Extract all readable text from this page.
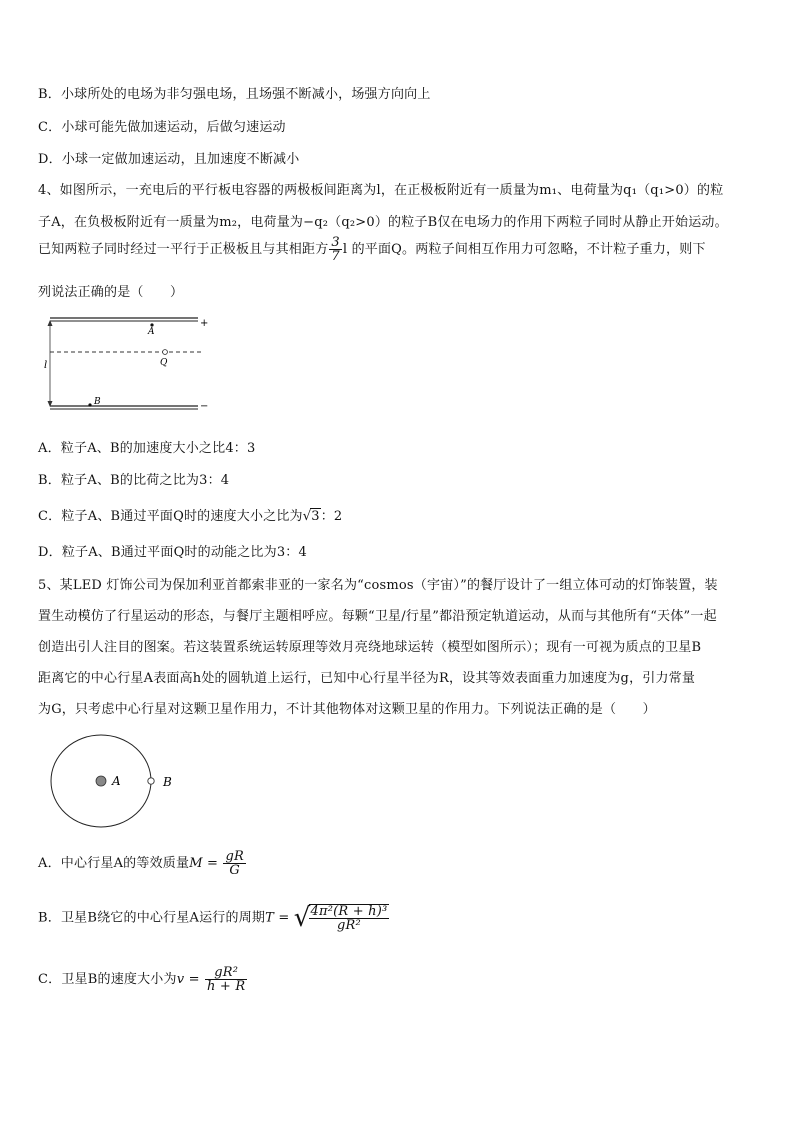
B．小球所处的电场为非匀强电场，且场强不断减小，场强方向向上
C．小球可能先做加速运动，后做匀速运动
D．小球一定做加速运动，且加速度不断减小
4、如图所示，一充电后的平行板电容器的两极板间距离为l，在正极板附近有一质量为m₁、电荷量为q₁（q₁>0）的粒
子A，在负极板附近有一质量为m₂，电荷量为−q₂（q₂>0）的粒子B仅在电场力的作用下两粒子同时从静止开始运动。
已知两粒子同时经过一平行于正极板且与其相距方 $\frac{3}{7}$ l 的平面Q。两粒子间相互作用力可忽略，不计粒子重力，则下
列说法正确的是（　　）
+
−
l
A
Q
B
A．粒子A、B的加速度大小之比4：3
B．粒子A、B的比荷之比为3：4
C．粒子A、B通过平面Q时的速度大小之比为√3：2
D．粒子A、B通过平面Q时的动能之比为3：4
5、某LED 灯饰公司为保加利亚首都索非亚的一家名为“cosmos（宇宙）”的餐厅设计了一组立体可动的灯饰装置，装
置生动模仿了行星运动的形态，与餐厅主题相呼应。每颗“卫星/行星”都沿预定轨道运动，从而与其他所有“天体”一起
创造出引人注目的图案。若这装置系统运转原理等效月亮绕地球运转（模型如图所示）；现有一可视为质点的卫星B
距离它的中心行星A表面高h处的圆轨道上运行，已知中心行星半径为R，设其等效表面重力加速度为g，引力常量
为G，只考虑中心行星对这颗卫星作用力，不计其他物体对这颗卫星的作用力。下列说法正确的是（　　）
A	B
A．中心行星A的等效质量$M = \frac{gR}{G}$
B．卫星B绕它的中心行星A运行的周期T = √
$\frac{\text{4π²(R + h)³}}{\text{gR²}}$
C．卫星B的速度大小为$v = \frac{\text{gR²}}{h + R}$
